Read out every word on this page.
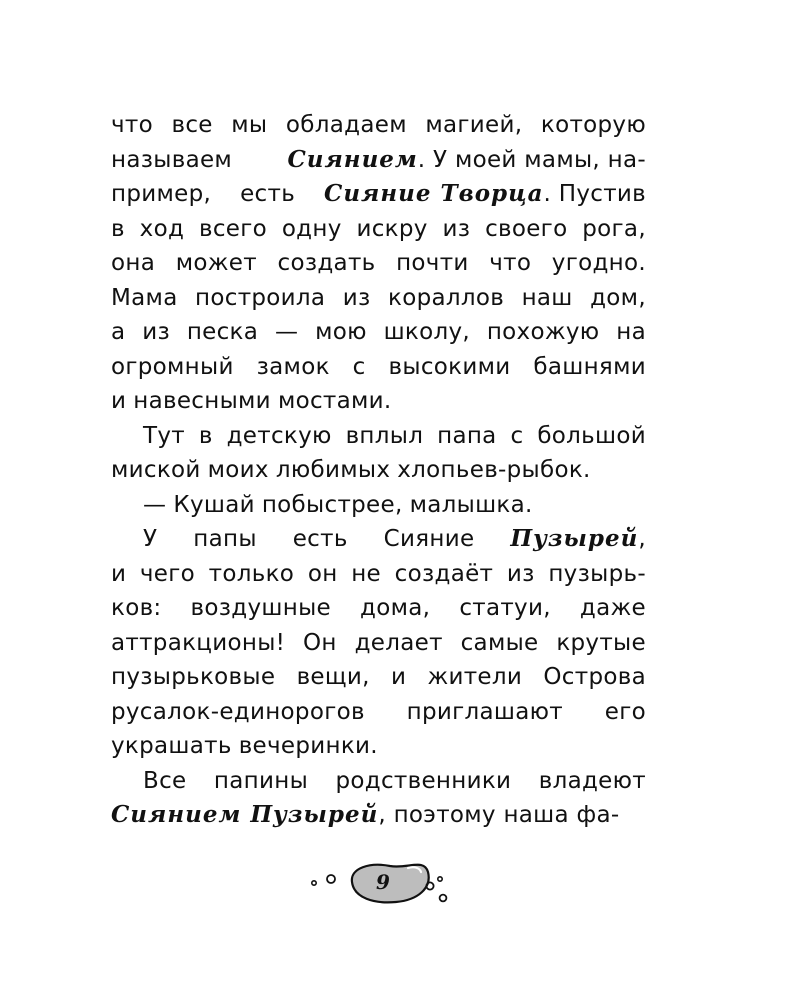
что все мы обладаем магией, которую
называем Сиянием. У моей мамы, на-
пример, есть Сияние Творца. Пустив
в ход всего одну искру из своего рога,
она может создать почти что угодно.
Мама построила из кораллов наш дом,
а из песка — мою школу, похожую на
огромный замок с высокими башнями
и навесными мостами.
Тут в детскую вплыл папа с большой
миской моих любимых хлопьев-рыбок.
— Кушай побыстрее, малышка.
У папы есть Сияние Пузырей,
и чего только он не создаёт из пузырь-
ков: воздушные дома, статуи, даже
аттракционы! Он делает самые крутые
пузырьковые вещи, и жители Острова
русалок-единорогов приглашают его
украшать вечеринки.
Все папины родственники владеют
Сиянием Пузырей, поэтому наша фа-
9
